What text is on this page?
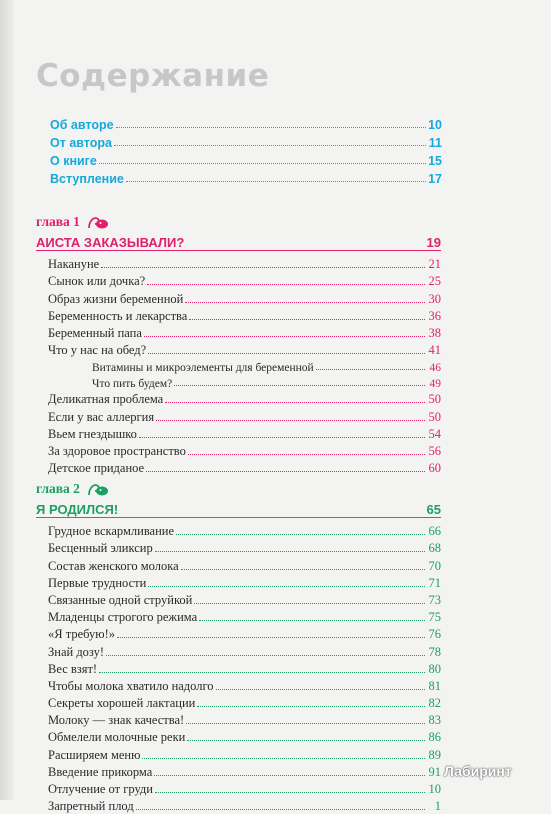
Содержание
Об авторе	10
От автора	11
О книге	15
Вступление	17
глава 1
АИСТА ЗАКАЗЫВАЛИ?	19
Накануне	21
Сынок или дочка?	25
Образ жизни беременной	30
Беременность и лекарства	36
Беременный папа	38
Что у нас на обед?	41
Витамины и микроэлементы для беременной	46
Что пить будем?	49
Деликатная проблема	50
Если у вас аллергия	50
Вьем гнездышко	54
За здоровое пространство	56
Детское приданое	60
глава 2
Я РОДИЛСЯ!	65
Грудное вскармливание	66
Бесценный эликсир	68
Состав женского молока	70
Первые трудности	71
Связанные одной струйкой	73
Младенцы строгого режима	75
«Я требую!»	76
Знай дозу!	78
Вес взят!	80
Чтобы молока хватило надолго	81
Секреты хорошей лактации	82
Молоку — знак качества!	83
Обмелели молочные реки	86
Расширяем меню	89
Введение прикорма	91
Отлучение от груди	10
Запретный плод	1
Лабиринт
